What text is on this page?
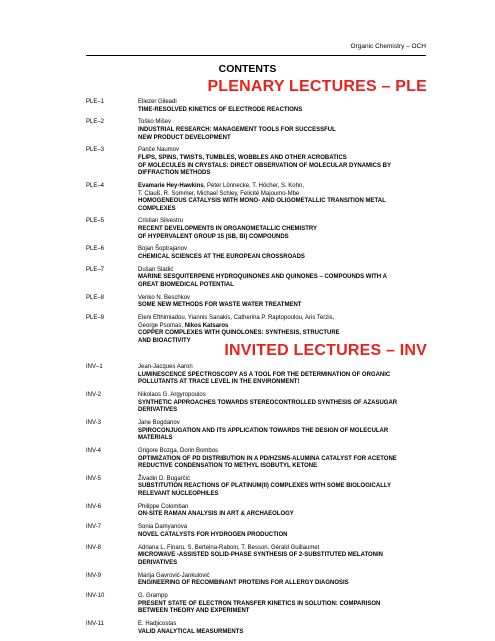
Organic Chemistry – OCH
CONTENTS
PLENARY LECTURES – PLE
PLE–1	Eliezer Gileadi
TIME-RESOLVED KINETICS OF ELECTRODE REACTIONS
PLE–2	Toško Mišev
INDUSTRIAL RESEARCH: MANAGEMENT TOOLS FOR SUCCESSFUL
NEW PRODUCT DEVELOPMENT
PLE–3	Panče Naumov
FLIPS, SPINS, TWISTS, TUMBLES, WOBBLES AND OTHER ACROBATICS
OF MOLECULES IN CRYSTALS: DIRECT OBSERVATION OF MOLECULAR DYNAMICS BY
DIFFRACTION METHODS
PLE–4	Evamarie Hey-Hawkins, Peter Lönnecke, T. Höcher, S. Kohn,
T. Clauß, R. Sommer, Michael Schley, Felicité Majoumo-Mbe
HOMOGENEOUS CATALYSIS WITH MONO- AND OLIGOMETALLIC TRANSITION METAL
COMPLEXES
PLE–5	Cristian Silvestru
RECENT DEVELOPMENTS IN ORGANOMETALLIC CHEMISTRY
OF HYPERVALENT GROUP 15 (SB, BI) COMPOUNDS
PLE–6	Bojan Šoptrajanov
CHEMICAL SCIENCES AT THE EUROPEAN CROSSROADS
PLE–7	Dušan Sladić
MARINE SESQUITERPENE HYDROQUINONES AND QUINONES – COMPOUNDS WITH A
GREAT BIOMEDICAL POTENTIAL
PLE–8	Venko N. Beschkov
SOME NEW METHODS FOR WASTE WATER TREATMENT
PLE–9	Eleni Efthimiadou, Yiannis Sanakis, Catherina P. Raptopoulou, Aris Terzis,
George Psomas, Nikos Katsaros
COPPER COMPLEXES WITH QUINOLONES: SYNTHESIS, STRUCTURE
AND BIOACTIVITY
INVITED LECTURES – INV
INV–1	Jean-Jacques Aaron
LUMINESCENCE SPECTROSCOPY AS A TOOL FOR THE DETERMINATION OF ORGANIC
POLLUTANTS AT TRACE LEVEL IN THE ENVIRONMENT!
INV-2	Nikolaos G. Argyropoulos
SYNTHETIC APPROACHES TOWARDS STEREOCONTROLLED SYNTHESIS OF AZASUGAR
DERIVATIVES
INV-3	Jane Bogdanov
SPIROCONJUGATION AND ITS APPLICATION TOWARDS THE DESIGN OF MOLECULAR
MATERIALS
INV-4	Grigore Bozga, Dorin Bombos
OPTIMIZATION OF PD DISTRIBUTION IN A PD/HZSM5-ALUMINA CATALYST FOR ACETONE
REDUCTIVE CONDENSATION TO METHYL ISOBUTYL KETONE
INV-5	Živadin D. Bugarčić
SUBSTITUTION REACTIONS OF PLATINUM(II) COMPLEXES WITH SOME BIOLOGICALLY
RELEVANT NUCLEOPHILES
INV-6	Philippe Colomban
ON-SITE RAMAN ANALYSIS IN ART & ARCHAEOLOGY
INV-7	Sonia Damyanova
NOVEL CATALYSTS FOR HYDROGEN PRODUCTION
INV-8	Adriana L. Finaru, S. Berteina-Raboin, T. Besson, Gérald Guillaumet
MICROWAVE -ASSISTED SOLID-PHASE SYNTHESIS OF 2-SUBSTITUTED MELATONIN
DERIVATIVES
INV-9	Marija Gavrović-Jankulović
ENGINEERING OF RECOMBINANT PROTEINS FOR ALLERGY DIAGNOSIS
INV-10	G. Grampp
PRESENT STATE OF ELECTRON TRANSFER KINETICS IN SOLUTION: COMPARISON
BETWEEN THEORY AND EXPERIMENT
INV-11	E. Hadjicostas
VALID ANALYTICAL MEASURMENTS
